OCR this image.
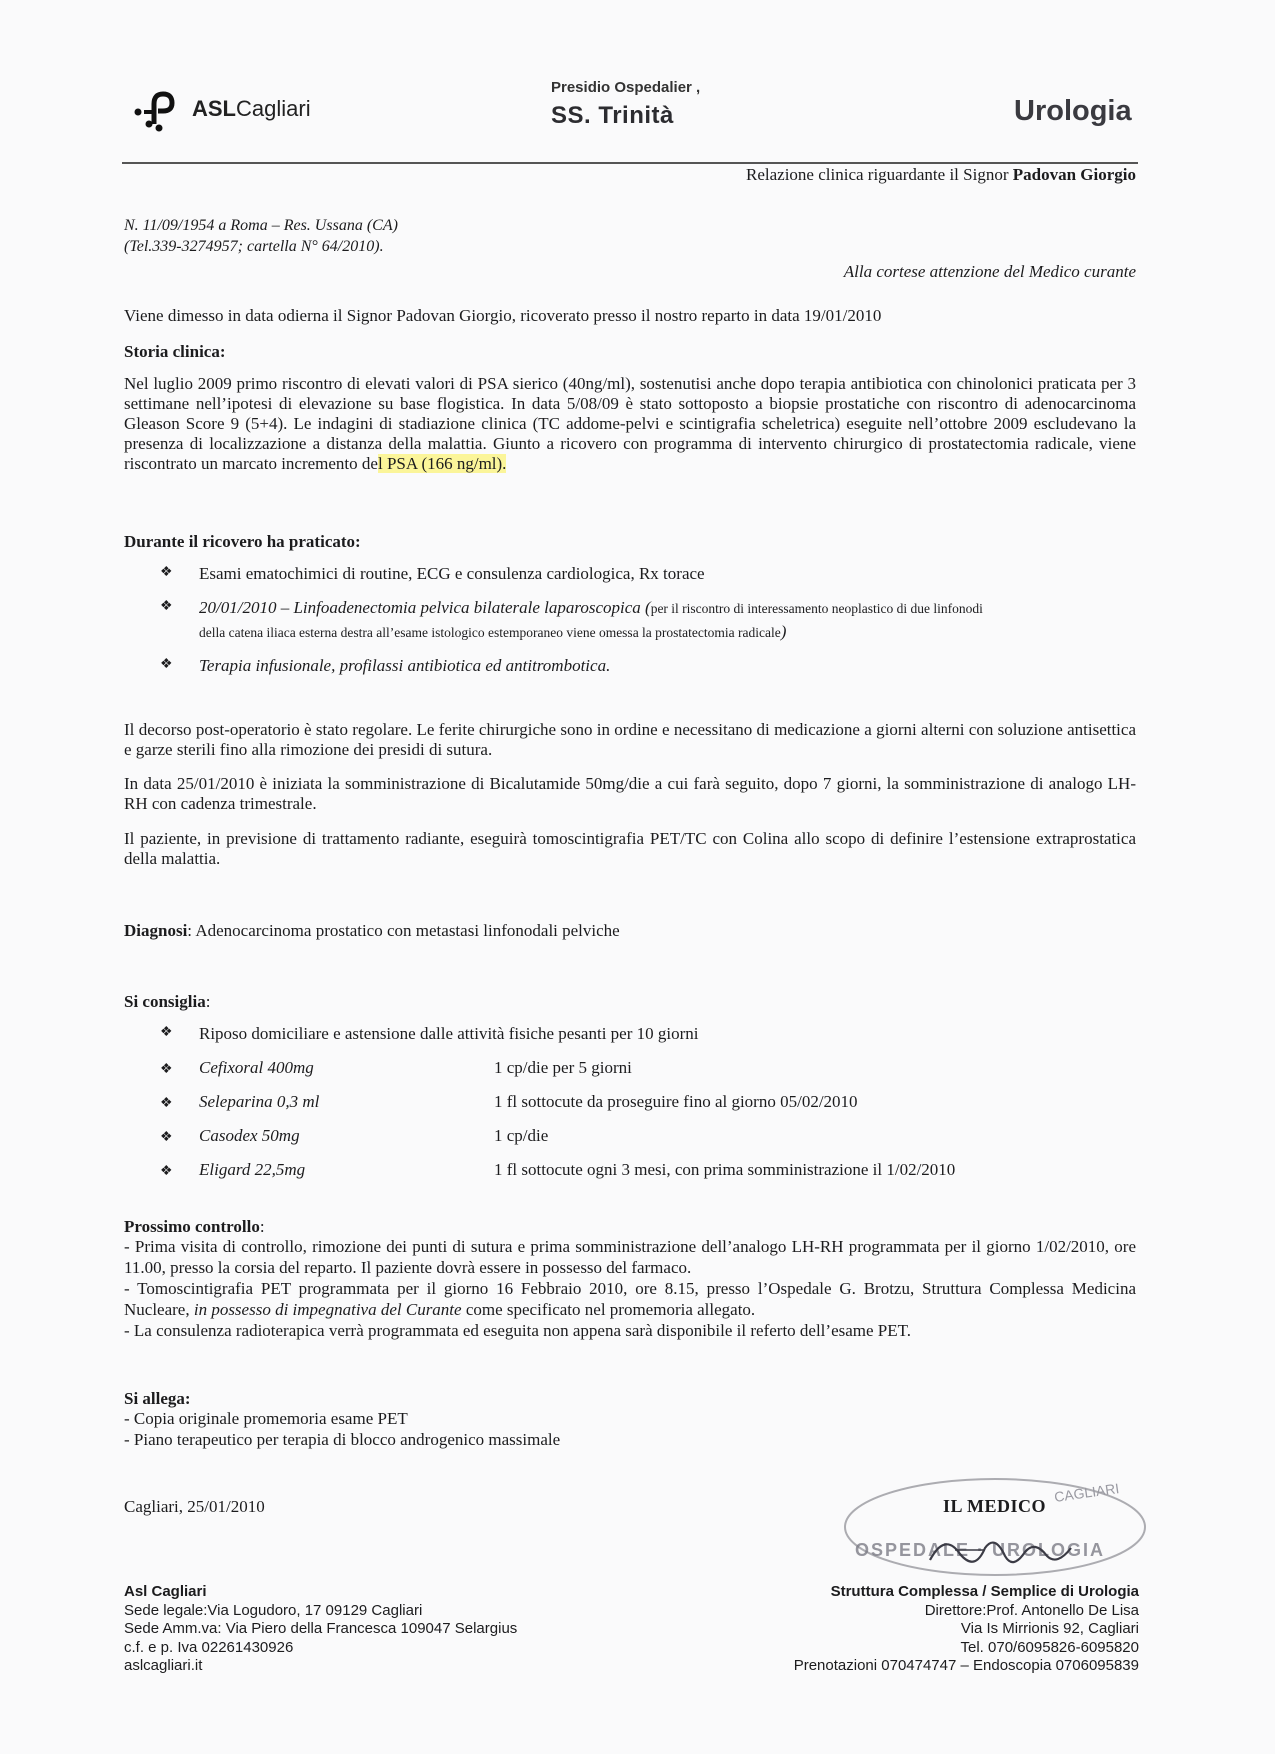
ASLCagliari
Presidio Ospedalier ,
SS. Trinità	Urologia
Relazione clinica riguardante il Signor Padovan Giorgio
N. 11/09/1954 a Roma – Res. Ussana (CA)
(Tel.339-3274957; cartella N° 64/2010).
Alla cortese attenzione del Medico curante
Viene dimesso in data odierna il Signor Padovan Giorgio, ricoverato presso il nostro reparto in data 19/01/2010
Storia clinica:
Nel luglio 2009 primo riscontro di elevati valori di PSA sierico (40ng/ml), sostenutisi anche dopo terapia antibiotica con chinolonici praticata per 3 settimane nell’ipotesi di elevazione su base flogistica. In data 5/08/09 è stato sottoposto a biopsie prostatiche con riscontro di adenocarcinoma Gleason Score 9 (5+4). Le indagini di stadiazione clinica (TC addome-pelvi e scintigrafia scheletrica) eseguite nell’ottobre 2009 escludevano la presenza di localizzazione a distanza della malattia. Giunto a ricovero con programma di intervento chirurgico di prostatectomia radicale, viene riscontrato un marcato incremento del PSA (166 ng/ml).
Durante il ricovero ha praticato:
❖ Esami ematochimici di routine, ECG e consulenza cardiologica, Rx torace
❖ 20/01/2010 – Linfoadenectomia pelvica bilaterale laparoscopica (per il riscontro di interessamento neoplastico di due linfonodi
della catena iliaca esterna destra all’esame istologico estemporaneo viene omessa la prostatectomia radicale)
❖ Terapia infusionale, profilassi antibiotica ed antitrombotica.
Il decorso post-operatorio è stato regolare. Le ferite chirurgiche sono in ordine e necessitano di medicazione a giorni alterni con soluzione antisettica e garze sterili fino alla rimozione dei presidi di sutura.
In data 25/01/2010 è iniziata la somministrazione di Bicalutamide 50mg/die a cui farà seguito, dopo 7 giorni, la somministrazione di analogo LH-RH con cadenza trimestrale.
Il paziente, in previsione di trattamento radiante, eseguirà tomoscintigrafia PET/TC con Colina allo scopo di definire l’estensione extraprostatica della malattia.
Diagnosi: Adenocarcinoma prostatico con metastasi linfonodali pelviche
Si consiglia:
❖ Riposo domiciliare e astensione dalle attività fisiche pesanti per 10 giorni
❖ Cefixoral 400mg	1 cp/die per 5 giorni
❖ Seleparina 0,3 ml	1 fl sottocute da proseguire fino al giorno 05/02/2010
❖ Casodex 50mg	1 cp/die
❖ Eligard 22,5mg	1 fl sottocute ogni 3 mesi, con prima somministrazione il 1/02/2010
Prossimo controllo:
- Prima visita di controllo, rimozione dei punti di sutura e prima somministrazione dell’analogo LH-RH programmata per il giorno 1/02/2010, ore 11.00, presso la corsia del reparto. Il paziente dovrà essere in possesso del farmaco.
- Tomoscintigrafia PET programmata per il giorno 16 Febbraio 2010, ore 8.15, presso l’Ospedale G. Brotzu, Struttura Complessa Medicina Nucleare, in possesso di impegnativa del Curante come specificato nel promemoria allegato.
- La consulenza radioterapica verrà programmata ed eseguita non appena sarà disponibile il referto dell’esame PET.
Si allega:
- Copia originale promemoria esame PET
- Piano terapeutico per terapia di blocco androgenico massimale
Cagliari, 25/01/2010
CAGLIARI
OSPEDALE · UROLOGIA
IL MEDICO
Asl Cagliari
Sede legale:Via Logudoro, 17 09129 Cagliari
Sede Amm.va: Via Piero della Francesca 109047 Selargius
c.f. e p. Iva 02261430926
aslcagliari.it
Struttura Complessa / Semplice di Urologia
Direttore:Prof. Antonello De Lisa
Via Is Mirrionis 92, Cagliari
Tel. 070/6095826-6095820
Prenotazioni 070474747 – Endoscopia 0706095839
